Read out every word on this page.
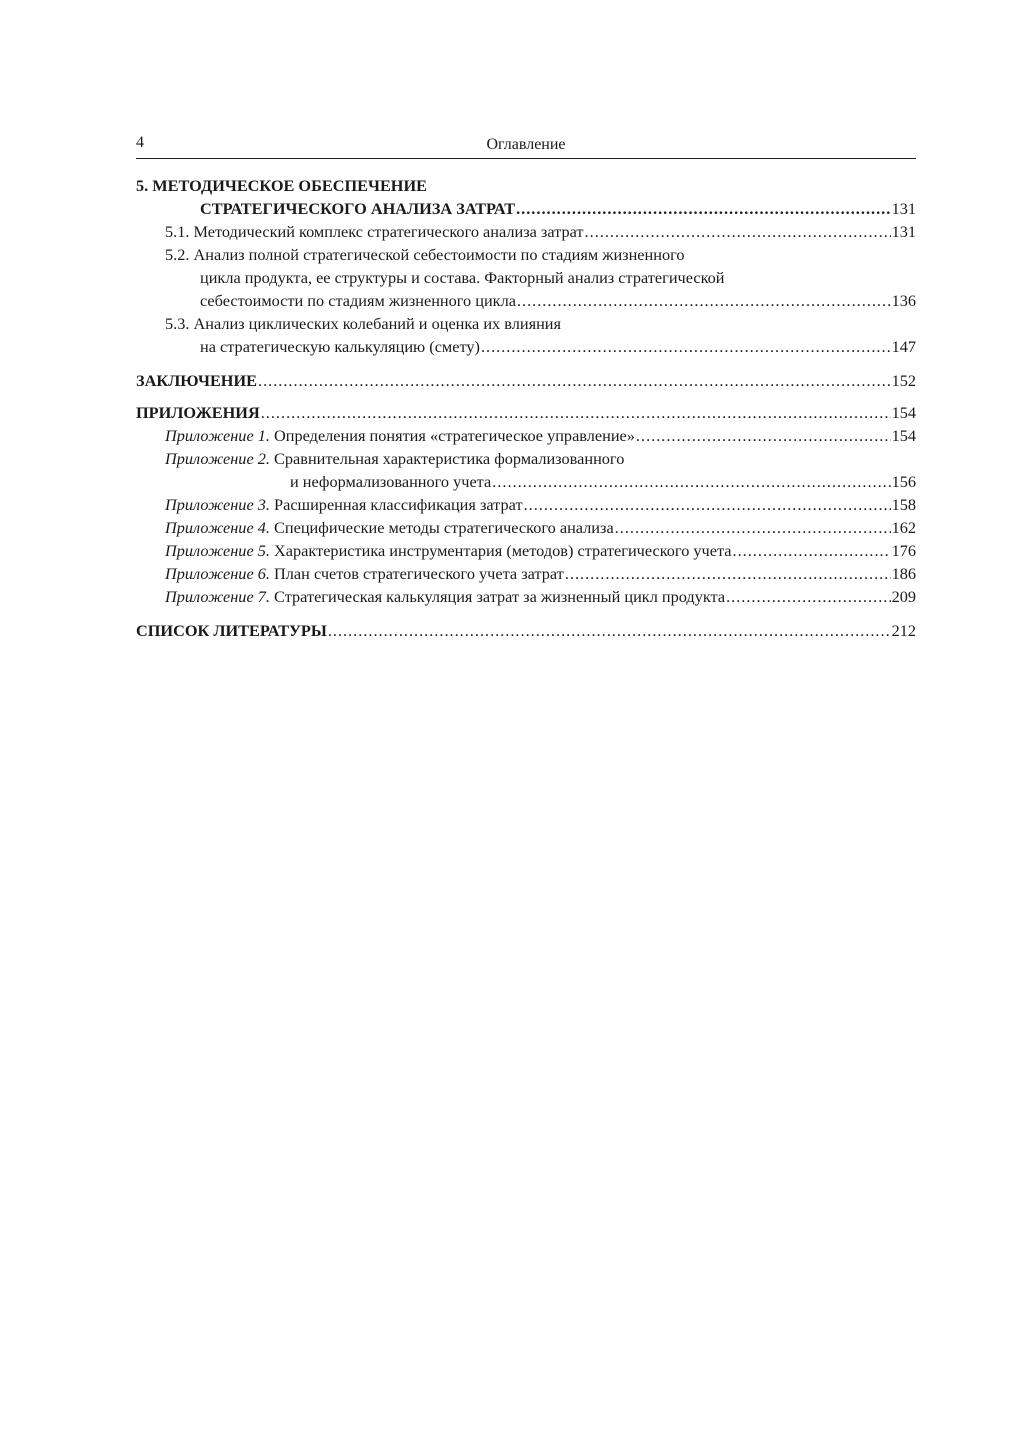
4	Оглавление
5. МЕТОДИЧЕСКОЕ ОБЕСПЕЧЕНИЕ
СТРАТЕГИЧЕСКОГО АНАЛИЗА ЗАТРАТ .....	131
5.1. Методический комплекс стратегического анализа затрат .....	131
5.2. Анализ полной стратегической себестоимости по стадиям жизненного
цикла продукта, ее структуры и состава. Факторный анализ стратегической
себестоимости по стадиям жизненного цикла .....	136
5.3. Анализ циклических колебаний и оценка их влияния
на стратегическую калькуляцию (смету) .....	147
ЗАКЛЮЧЕНИЕ .....	152
ПРИЛОЖЕНИЯ .....	154
Приложение 1. Определения понятия «стратегическое управление» .....	154
Приложение 2. Сравнительная характеристика формализованного
и неформализованного учета .....	156
Приложение 3. Расширенная классификация затрат .....	158
Приложение 4. Специфические методы стратегического анализа .....	162
Приложение 5. Характеристика инструментария (методов) стратегического учета .....	176
Приложение 6. План счетов стратегического учета затрат .....	186
Приложение 7. Стратегическая калькуляция затрат за жизненный цикл продукта .....	209
СПИСОК ЛИТЕРАТУРЫ .....	212
